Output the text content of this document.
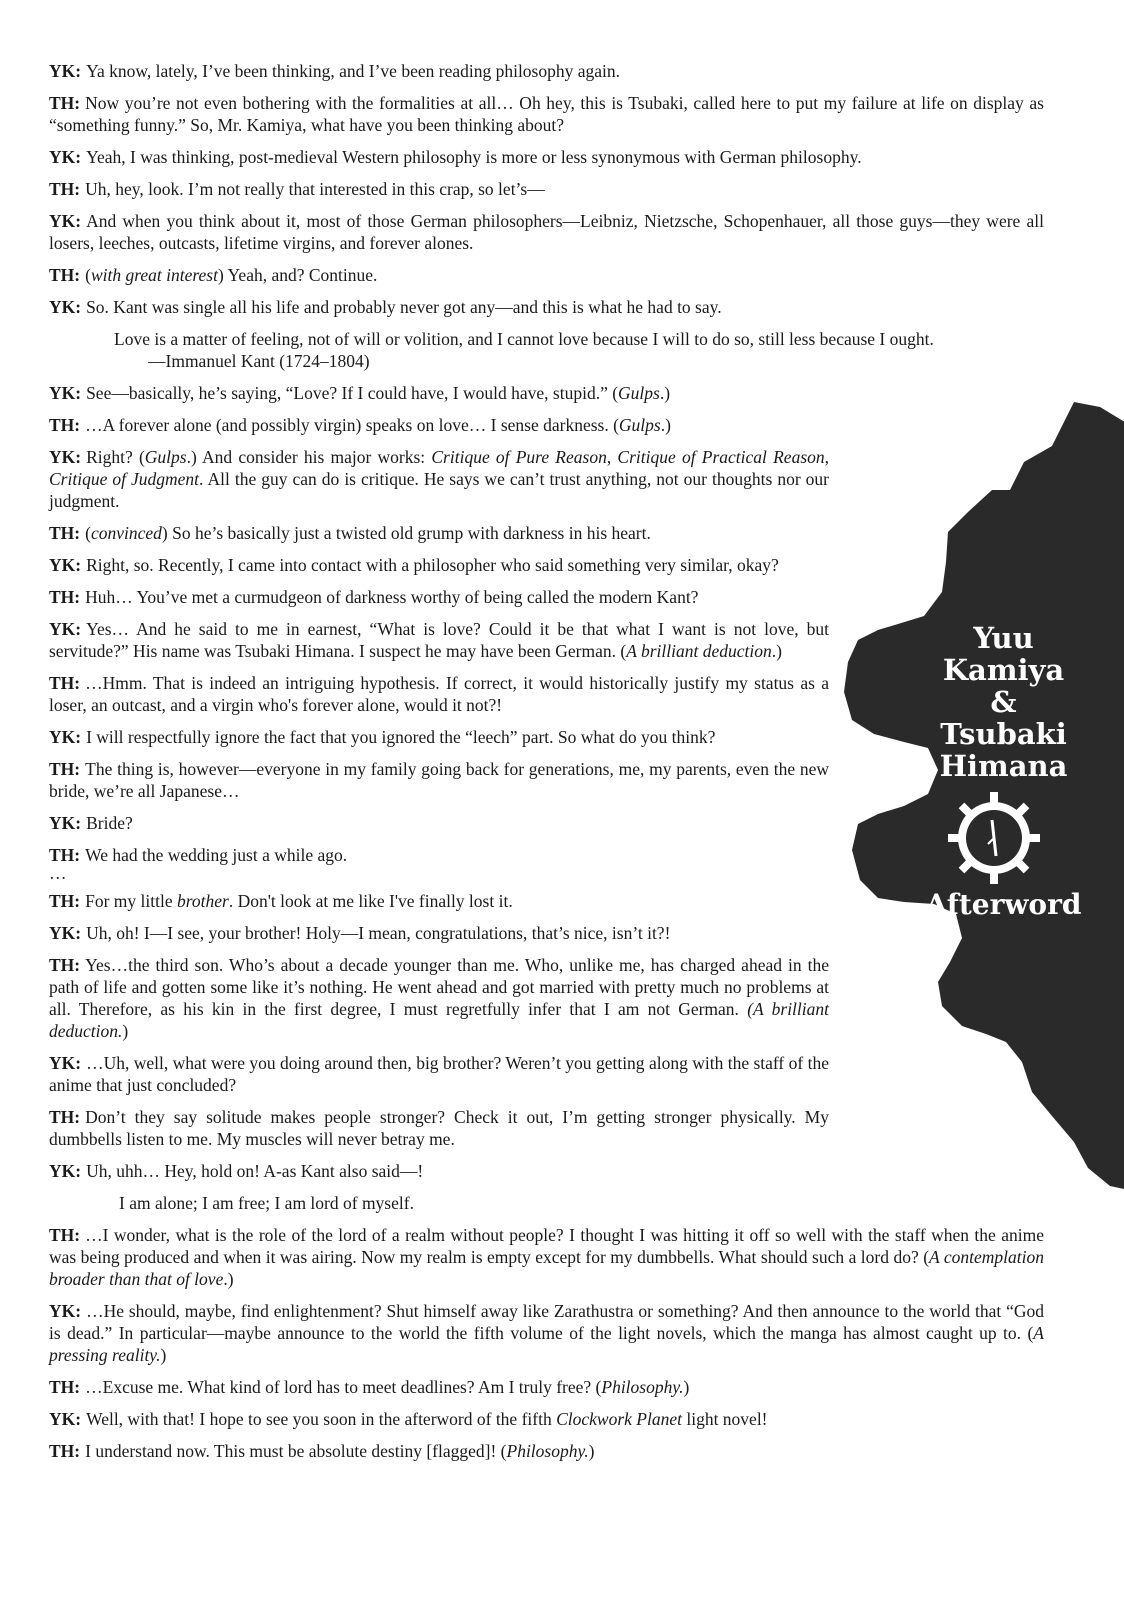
Yuu
Kamiya
&
Tsubaki
Himana
Afterword

YK: Ya know, lately, I’ve been thinking, and I’ve been reading philosophy again.

TH: Now you’re not even bothering with the formalities at all… Oh hey, this is Tsubaki, called here to put my failure at life on display as “something funny.” So, Mr. Kamiya, what have you been thinking about?

YK: Yeah, I was thinking, post-medieval Western philosophy is more or less synonymous with German philosophy.

TH: Uh, hey, look. I’m not really that interested in this crap, so let’s—

YK: And when you think about it, most of those German philosophers—Leibniz, Nietzsche, Schopenhauer, all those guys—they were all losers, leeches, outcasts, lifetime virgins, and forever alones.

TH: (with great interest) Yeah, and? Continue.

YK: So. Kant was single all his life and probably never got any—and this is what he had to say.

Love is a matter of feeling, not of will or volition, and I cannot love because I will to do so, still less because I ought.
—Immanuel Kant (1724–1804)

YK: See—basically, he’s saying, “Love? If I could have, I would have, stupid.” (Gulps.)

TH: …A forever alone (and possibly virgin) speaks on love… I sense darkness. (Gulps.)

YK: Right? (Gulps.) And consider his major works: Critique of Pure Reason, Critique of Practical Reason, Critique of Judgment. All the guy can do is critique. He says we can’t trust anything, not our thoughts nor our judgment.

TH: (convinced) So he’s basically just a twisted old grump with darkness in his heart.

YK: Right, so. Recently, I came into contact with a philosopher who said something very similar, okay?

TH: Huh… You’ve met a curmudgeon of darkness worthy of being called the modern Kant?

YK: Yes… And he said to me in earnest, “What is love? Could it be that what I want is not love, but servitude?” His name was Tsubaki Himana. I suspect he may have been German. (A brilliant deduction.)

TH: …Hmm. That is indeed an intriguing hypothesis. If correct, it would historically justify my status as a loser, an outcast, and a virgin who's forever alone, would it not?!

YK: I will respectfully ignore the fact that you ignored the “leech” part. So what do you think?

TH: The thing is, however—everyone in my family going back for generations, me, my parents, even the new bride, we’re all Japanese…

YK: Bride?

TH: We had the wedding just a while ago.

…

TH: For my little brother. Don't look at me like I've finally lost it.

YK: Uh, oh! I—I see, your brother! Holy—I mean, congratulations, that’s nice, isn’t it?!

TH: Yes…the third son. Who’s about a decade younger than me. Who, unlike me, has charged ahead in the path of life and gotten some like it’s nothing. He went ahead and got married with pretty much no problems at all. Therefore, as his kin in the first degree, I must regretfully infer that I am not German. (A brilliant deduction.)

YK: …Uh, well, what were you doing around then, big brother? Weren’t you getting along with the staff of the anime that just concluded?

TH: Don’t they say solitude makes people stronger? Check it out, I’m getting stronger physically. My dumbbells listen to me. My muscles will never betray me.

YK: Uh, uhh… Hey, hold on! A-as Kant also said—!

I am alone; I am free; I am lord of myself.

TH: …I wonder, what is the role of the lord of a realm without people? I thought I was hitting it off so well with the staff when the anime was being produced and when it was airing. Now my realm is empty except for my dumbbells. What should such a lord do? (A contemplation broader than that of love.)

YK: …He should, maybe, find enlightenment? Shut himself away like Zarathustra or something? And then announce to the world that “God is dead.” In particular—maybe announce to the world the fifth volume of the light novels, which the manga has almost caught up to. (A pressing reality.)

TH: …Excuse me. What kind of lord has to meet deadlines? Am I truly free? (Philosophy.)

YK: Well, with that! I hope to see you soon in the afterword of the fifth Clockwork Planet light novel!

TH: I understand now. This must be absolute destiny [flagged]! (Philosophy.)
